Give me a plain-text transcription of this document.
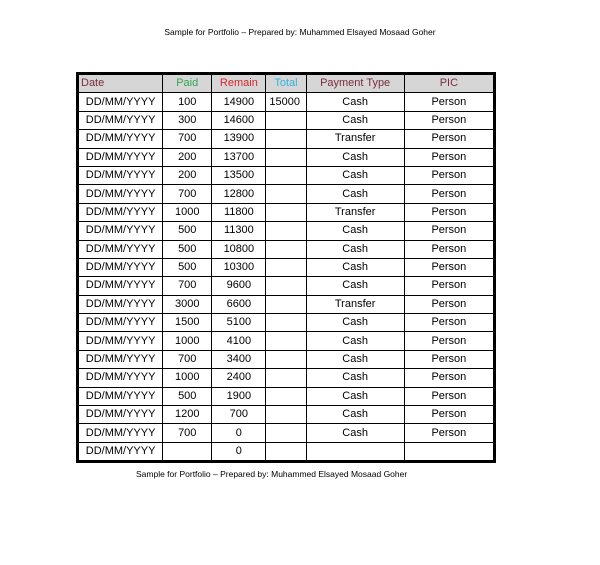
Sample for Portfolio – Prepared by: Muhammed Elsayed Mosaad Goher
Date	Paid	Remain	Total	Payment Type	PIC
DD/MM/YYYY	100	14900	15000	Cash	Person
DD/MM/YYYY	300	14600		Cash	Person
DD/MM/YYYY	700	13900		Transfer	Person
DD/MM/YYYY	200	13700		Cash	Person
DD/MM/YYYY	200	13500		Cash	Person
DD/MM/YYYY	700	12800		Cash	Person
DD/MM/YYYY	1000	11800		Transfer	Person
DD/MM/YYYY	500	11300		Cash	Person
DD/MM/YYYY	500	10800		Cash	Person
DD/MM/YYYY	500	10300		Cash	Person
DD/MM/YYYY	700	9600		Cash	Person
DD/MM/YYYY	3000	6600		Transfer	Person
DD/MM/YYYY	1500	5100		Cash	Person
DD/MM/YYYY	1000	4100		Cash	Person
DD/MM/YYYY	700	3400		Cash	Person
DD/MM/YYYY	1000	2400		Cash	Person
DD/MM/YYYY	500	1900		Cash	Person
DD/MM/YYYY	1200	700		Cash	Person
DD/MM/YYYY	700	0		Cash	Person
DD/MM/YYYY		0			
Sample for Portfolio – Prepared by: Muhammed Elsayed Mosaad Goher
